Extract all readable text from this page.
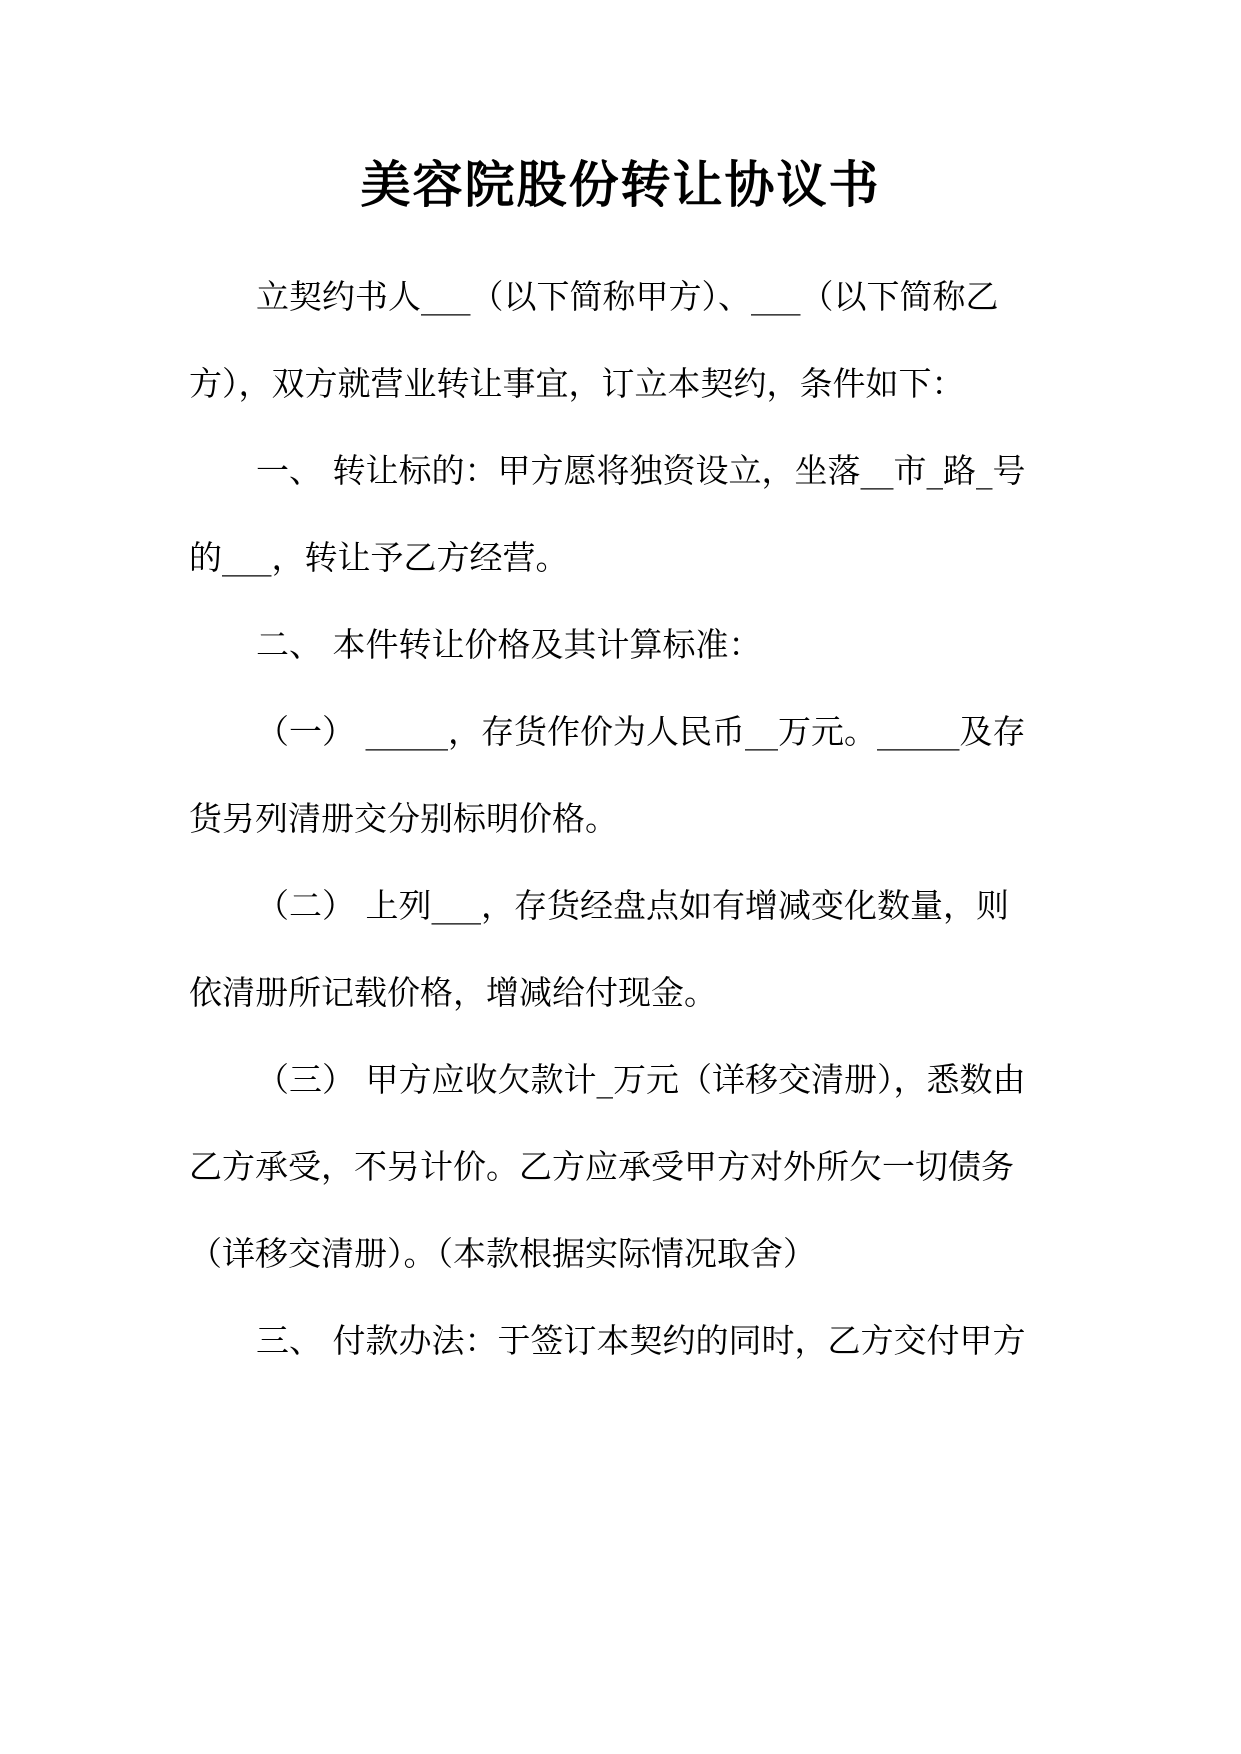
美容院股份转让协议书

立契约书人___（以下简称甲方）、___（以下简称乙

方），双方就营业转让事宜，订立本契约，条件如下：

一、 转让标的：甲方愿将独资设立，坐落__市_路_号

的___，转让予乙方经营。

二、 本件转让价格及其计算标准：

（一） _____，存货作价为人民币__万元。_____及存

货另列清册交分别标明价格。

（二） 上列___，存货经盘点如有增减变化数量，则

依清册所记载价格，增减给付现金。

（三） 甲方应收欠款计_万元（详移交清册），悉数由

乙方承受，不另计价。乙方应承受甲方对外所欠一切债务

（详移交清册）。（本款根据实际情况取舍）

三、 付款办法：于签订本契约的同时，乙方交付甲方
